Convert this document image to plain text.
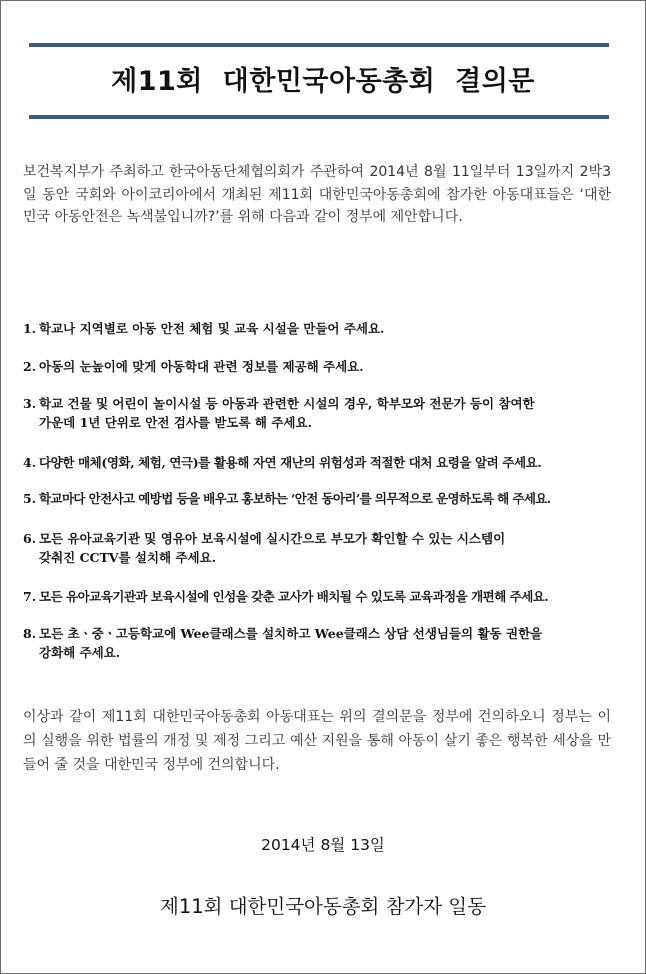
제11회  대한민국아동총회  결의문
보건복지부가 주최하고 한국아동단체협의회가 주관하여 2014년 8월 11일부터 13일까지 2박3일 동안 국회와 아이코리아에서 개최된 제11회 대한민국아동총회에 참가한 아동대표들은 ‘대한민국 아동안전은 녹색불입니까?’를 위해 다음과 같이 정부에 제안합니다.
1. 학교나 지역별로 아동 안전 체험 및 교육 시설을 만들어 주세요.
2. 아동의 눈높이에 맞게 아동학대 관련 정보를 제공해 주세요.
3. 학교 건물 및 어린이 놀이시설 등 아동과 관련한 시설의 경우, 학부모와 전문가 등이 참여한
가운데 1년 단위로 안전 검사를 받도록 해 주세요.
4. 다양한 매체(영화, 체험, 연극)를 활용해 자연 재난의 위험성과 적절한 대처 요령을 알려 주세요.
5. 학교마다 안전사고 예방법 등을 배우고 홍보하는 ‘안전 동아리’를 의무적으로 운영하도록 해 주세요.
6. 모든 유아교육기관 및 영유아 보육시설에 실시간으로 부모가 확인할 수 있는 시스템이
갖춰진 CCTV를 설치해 주세요.
7. 모든 유아교육기관과 보육시설에 인성을 갖춘 교사가 배치될 수 있도록 교육과정을 개편해 주세요.
8. 모든 초ㆍ중ㆍ고등학교에 Wee클래스를 설치하고 Wee클래스 상담 선생님들의 활동 권한을
강화해 주세요.
이상과 같이 제11회 대한민국아동총회 아동대표는 위의 결의문을 정부에 건의하오니 정부는 이의 실행을 위한 법률의 개정 및 제정 그리고 예산 지원을 통해 아동이 살기 좋은 행복한 세상을 만들어 줄 것을 대한민국 정부에 건의합니다.
2014년 8월 13일
제11회 대한민국아동총회 참가자 일동
